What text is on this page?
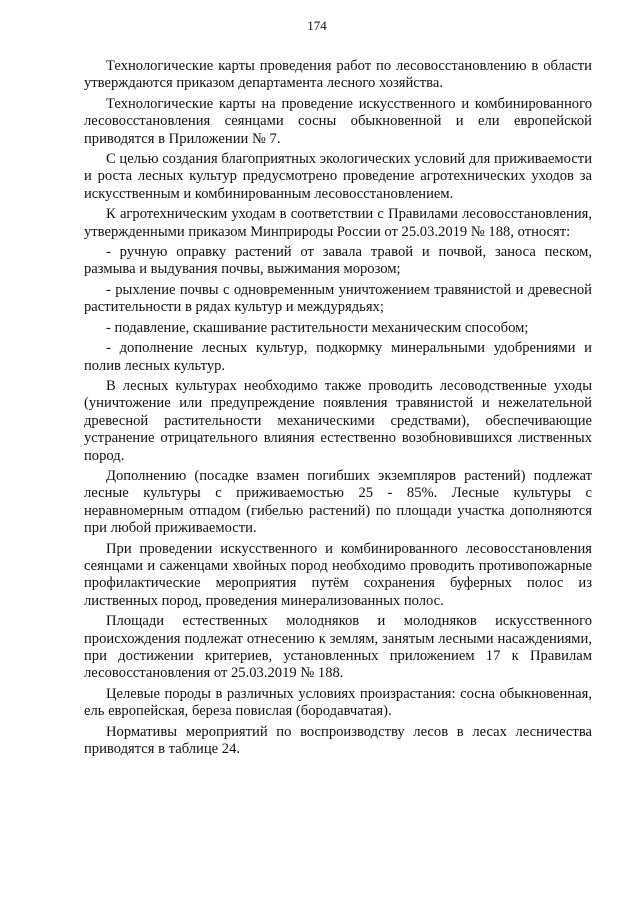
174

Технологические карты проведения работ по лесовосстановлению в области утверждаются приказом департамента лесного хозяйства.

Технологические карты на проведение искусственного и комбинированного лесовосстановления сеянцами сосны обыкновенной и ели европейской приводятся в Приложении № 7.

С целью создания благоприятных экологических условий для приживаемости и роста лесных культур предусмотрено проведение агротехнических уходов за искусственным и комбинированным лесовосстановлением.

К агротехническим уходам в соответствии с Правилами лесовосстановления, утвержденными приказом Минприроды России от 25.03.2019 № 188, относят:

- ручную оправку растений от завала травой и почвой, заноса песком, размыва и выдувания почвы, выжимания морозом;

- рыхление почвы с одновременным уничтожением травянистой и древесной растительности в рядах культур и междурядьях;

- подавление, скашивание растительности механическим способом;

- дополнение лесных культур, подкормку минеральными удобрениями и полив лесных культур.

В лесных культурах необходимо также проводить лесоводственные уходы (уничтожение или предупреждение появления травянистой и нежелательной древесной растительности механическими средствами), обеспечивающие устранение отрицательного влияния естественно возобновившихся лиственных пород.

Дополнению (посадке взамен погибших экземпляров растений) подлежат лесные культуры с приживаемостью 25 - 85%. Лесные культуры с неравномерным отпадом (гибелью растений) по площади участка дополняются при любой приживаемости.

При проведении искусственного и комбинированного лесовосстановления сеянцами и саженцами хвойных пород необходимо проводить противопожарные профилактические мероприятия путём сохранения буферных полос из лиственных пород, проведения минерализованных полос.

Площади естественных молодняков и молодняков искусственного происхождения подлежат отнесению к землям, занятым лесными насаждениями, при достижении критериев, установленных приложением 17 к Правилам лесовосстановления от 25.03.2019 № 188.

Целевые породы в различных условиях произрастания: сосна обыкновенная, ель европейская, береза повислая (бородавчатая).

Нормативы мероприятий по воспроизводству лесов в лесах лесничества приводятся в таблице 24.
